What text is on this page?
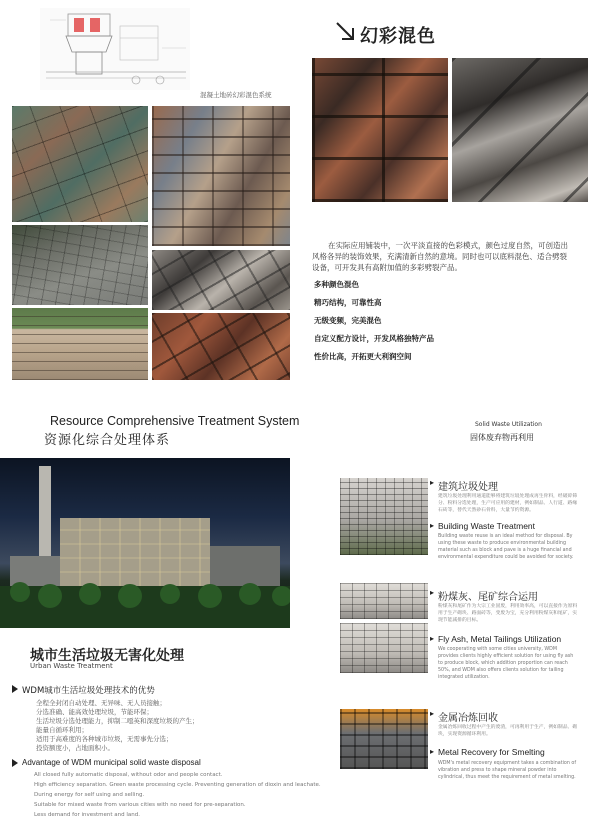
混凝土地砖幻彩混色系统
幻彩混色
在实际应用铺装中，一次平淡直接的色彩模式，颜色过度自然，可创造出风格各异的装饰效果，充满清新自然的意境。同时也可以底料混色、适合劈裂设备，可开发具有高附加值的多彩劈裂产品。
多种颜色混色
精巧结构，可靠性高
无级变频，完美混色
自定义配方设计，开发风格独特产品
性价比高，开拓更大利润空间
Resource Comprehensive Treatment System
资源化综合处理体系
Solid Waste Utilization
固体废弃物再利用
城市生活垃圾无害化处理
Urban Waste Treatment
WDM城市生活垃圾处理技术的优势
全程全封闭自动处理、无异味、无人员接触；
分选准确、能高效处理垃圾，节能环保；
生活垃圾分选处理能力，抑制二噁英和深度垃圾的产生；
能量自循环利用；
适用于高难度的各种城市垃圾，无需事先分选；
投资额度小，占地面积小。
Advantage of WDM municipal solid waste disposal
All closed fully automatic disposal, without odor and people contact.
High efficiency separation. Green waste processing cycle. Preventing generation of dioxin and leachate.
During energy for self using and selling.
Suitable for mixed waste from various cities with no need for pre-separation.
Less demand for investment and land.
▸ 建筑垃圾处理
建筑垃圾处理利用通道能够将建筑垃圾处理成再生骨料，经破碎筛分、粉料分选处理，生产可应用的建材，例如制品、人行道、路缘石砖等，替代天然砂石骨料，大量节约资源。
▸ Building Waste Treatment
Building waste reuse is an ideal method for disposal. By using these waste to produce environmental building material such as block and pave is a huge financial and environmental expenditure could be avoided for society.
▸ 粉煤灰、尾矿综合运用
粉煤灰和尾矿作为大宗工业固废，利用效率高，可以直接作为原料用于生产砌块、路面砖等，变废为宝，充分利用粉煤灰和尾矿，实现节能减排的目标。
▸ Fly Ash, Metal Tailings Utilization
We cooperating with some cities university, WDM provides clients highly efficient solution for using fly ash to produce block, which addition proportion can reach 50%, and WDM also offers clients solution for tailing integrated utilization.
▸ 金属冶炼回收
金属冶炼回收过程中产生的废渣，可再利用于生产，例如制品、砌块，实现资源循环利用。
▸ Metal Recovery for Smelting
WDM's metal recovery equipment takes a combination of vibration and press to shape mineral powder into cylindrical, thus meet the requirement of metal smelting.
